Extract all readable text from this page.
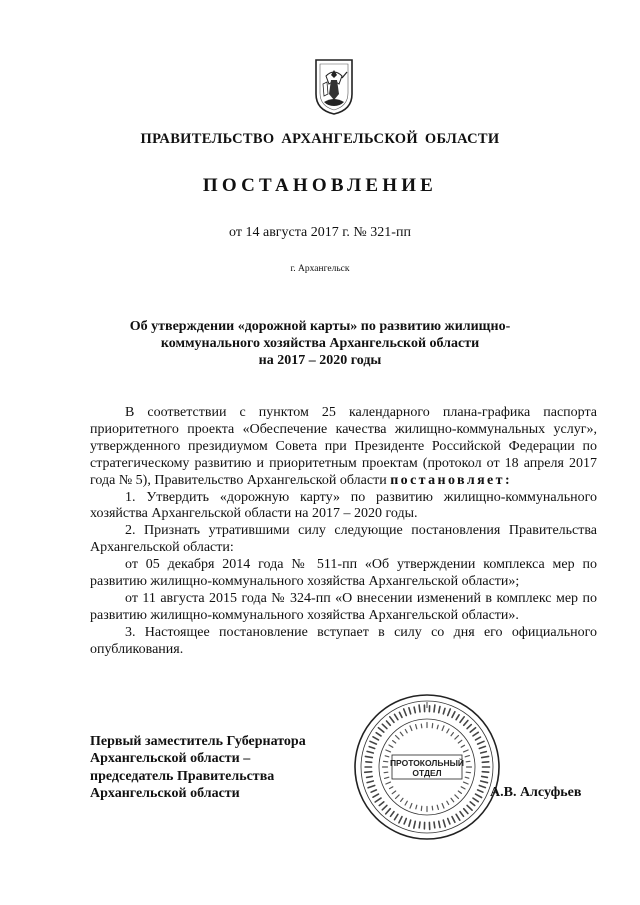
ПРАВИТЕЛЬСТВО АРХАНГЕЛЬСКОЙ ОБЛАСТИ
ПОСТАНОВЛЕНИЕ
от 14 августа 2017 г. № 321-пп
г. Архангельск
Об утверждении «дорожной карты» по развитию жилищно-
коммунального хозяйства Архангельской области
на 2017 – 2020 годы

В соответствии с пунктом 25 календарного плана-графика паспорта приоритетного проекта «Обеспечение качества жилищно-коммунальных услуг», утвержденного президиумом Совета при Президенте Российской Федерации по стратегическому развитию и приоритетным проектам (протокол от 18 апреля 2017 года № 5), Правительство Архангельской области постановляет:

1. Утвердить «дорожную карту» по развитию жилищно-коммунального хозяйства Архангельской области на 2017 – 2020 годы.

2. Признать утратившими силу следующие постановления Правительства Архангельской области:

от 05 декабря 2014 года № 511-пп «Об утверждении комплекса мер по развитию жилищно-коммунального хозяйства Архангельской области»;

от 11 августа 2015 года № 324-пп «О внесении изменений в комплекс мер по развитию жилищно-коммунального хозяйства Архангельской области».

3. Настоящее постановление вступает в силу со дня его официального опубликования.

Первый заместитель Губернатора
Архангельской области –
председатель Правительства
Архангельской области
ПРОТОКОЛЬНЫЙ
ОТДЕЛ
А.В. Алсуфьев
